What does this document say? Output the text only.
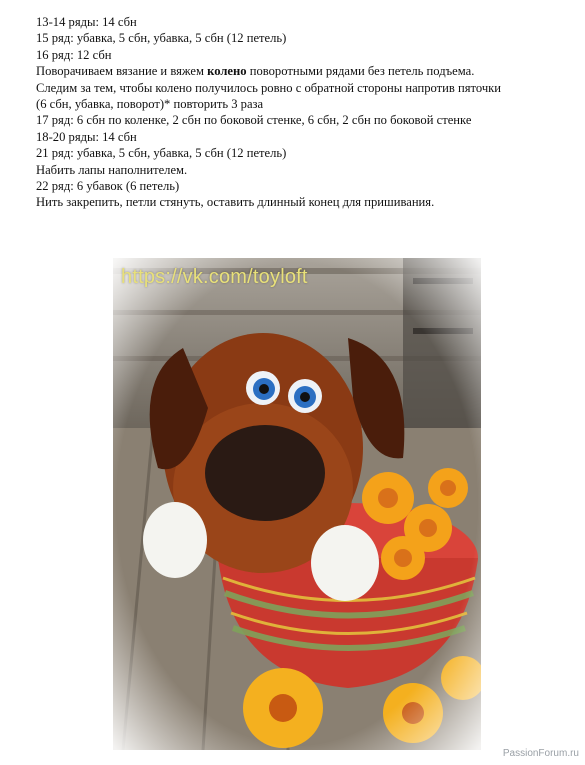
13-14 ряды: 14 сбн
15 ряд: убавка, 5 сбн, убавка, 5 сбн (12 петель)
16 ряд: 12 сбн
Поворачиваем вязание и вяжем колено поворотными рядами без петель подъема.
Следим за тем, чтобы колено получилось ровно с обратной стороны напротив пяточки
(6 сбн, убавка, поворот)* повторить 3 раза
17 ряд: 6 сбн по коленке, 2 сбн по боковой стенке, 6 сбн, 2 сбн по боковой стенке
18-20 ряды: 14 сбн
21 ряд: убавка, 5 сбн, убавка, 5 сбн (12 петель)
Набить лапы наполнителем.
22 ряд: 6 убавок (6 петель)
Нить закрепить, петли стянуть, оставить длинный конец для пришивания.
https://vk.com/toyloft
PassionForum.ru
